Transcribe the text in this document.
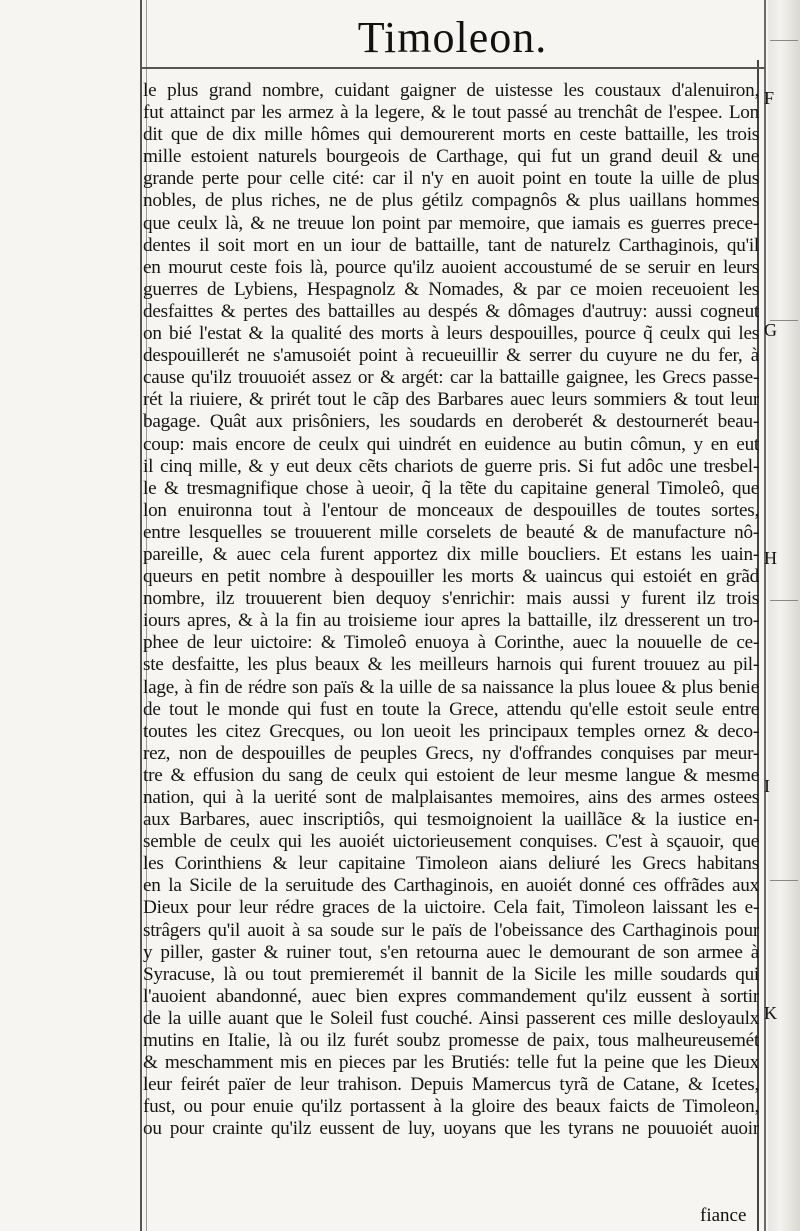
Timoleon.
le plus grand nombre, cuidant gaigner de uistesse les coustaux d'alenuiron,
fut attainct par les armez à la legere, & le tout passé au trenchât de l'espee. Lon
dit que de dix mille hômes qui demourerent morts en ceste battaille, les trois
mille estoient naturels bourgeois de Carthage, qui fut un grand deuil & une
grande perte pour celle cité: car il n'y en auoit point en toute la uille de plus
nobles, de plus riches, ne de plus gétilz compagnôs & plus uaillans hommes
que ceulx là, & ne treuue lon point par memoire, que iamais es guerres prece-
dentes il soit mort en un iour de battaille, tant de naturelz Carthaginois, qu'il
en mourut ceste fois là, pource qu'ilz auoient accoustumé de se seruir en leurs
guerres de Lybiens, Hespagnolz & Nomades, & par ce moien receuoient les
desfaittes & pertes des battailles au despés & dômages d'autruy: aussi cogneut
on bié l'estat & la qualité des morts à leurs despouilles, pource q̃ ceulx qui les
despouillerét ne s'amusoiét point à recueuillir & serrer du cuyure ne du fer, à
cause qu'ilz trouuoiét assez or & argét: car la battaille gaignee, les Grecs passe-
rét la riuiere, & prirét tout le cãp des Barbares auec leurs sommiers & tout leur
bagage. Quât aux prisôniers, les soudards en deroberét & destournerét beau-
coup: mais encore de ceulx qui uindrét en euidence au butin cômun, y en eut
il cinq mille, & y eut deux cẽts chariots de guerre pris. Si fut adôc une tresbel-
le & tresmagnifique chose à ueoir, q̃ la tẽte du capitaine general Timoleô, que
lon enuironna tout à l'entour de monceaux de despouilles de toutes sortes,
entre lesquelles se trouuerent mille corselets de beauté & de manufacture nô-
pareille, & auec cela furent apportez dix mille boucliers. Et estans les uain-
queurs en petit nombre à despouiller les morts & uaincus qui estoiét en grãd
nombre, ilz trouuerent bien dequoy s'enrichir: mais aussi y furent ilz trois
iours apres, & à la fin au troisieme iour apres la battaille, ilz dresserent un tro-
phee de leur uictoire: & Timoleô enuoya à Corinthe, auec la nouuelle de ce-
ste desfaitte, les plus beaux & les meilleurs harnois qui furent trouuez au pil-
lage, à fin de rédre son païs & la uille de sa naissance la plus louee & plus benie
de tout le monde qui fust en toute la Grece, attendu qu'elle estoit seule entre
toutes les citez Grecques, ou lon ueoit les principaux temples ornez & deco-
rez, non de despouilles de peuples Grecs, ny d'offrandes conquises par meur-
tre & effusion du sang de ceulx qui estoient de leur mesme langue & mesme
nation, qui à la uerité sont de malplaisantes memoires, ains des armes ostees
aux Barbares, auec inscriptiôs, qui tesmoignoient la uaillãce & la iustice en-
semble de ceulx qui les auoiét uictorieusement conquises. C'est à sçauoir, que
les Corinthiens & leur capitaine Timoleon aians deliuré les Grecs habitans
en la Sicile de la seruitude des Carthaginois, en auoiét donné ces offrãdes aux
Dieux pour leur rédre graces de la uictoire. Cela fait, Timoleon laissant les e-
strâgers qu'il auoit à sa soude sur le païs de l'obeissance des Carthaginois pour
y piller, gaster & ruiner tout, s'en retourna auec le demourant de son armee à
Syracuse, là ou tout premieremét il bannit de la Sicile les mille soudards qui
l'auoient abandonné, auec bien expres commandement qu'ilz eussent à sortir
de la uille auant que le Soleil fust couché. Ainsi passerent ces mille desloyaulx
mutins en Italie, là ou ilz furét soubz promesse de paix, tous malheureusemét
& meschamment mis en pieces par les Brutiés: telle fut la peine que les Dieux
leur feirét païer de leur trahison. Depuis Mamercus tyrã de Catane, & Icetes,
fust, ou pour enuie qu'ilz portassent à la gloire des beaux faicts de Timoleon,
ou pour crainte qu'ilz eussent de luy, uoyans que les tyrans ne pouuoiét auoir
F
G
H
I
K
fiance
